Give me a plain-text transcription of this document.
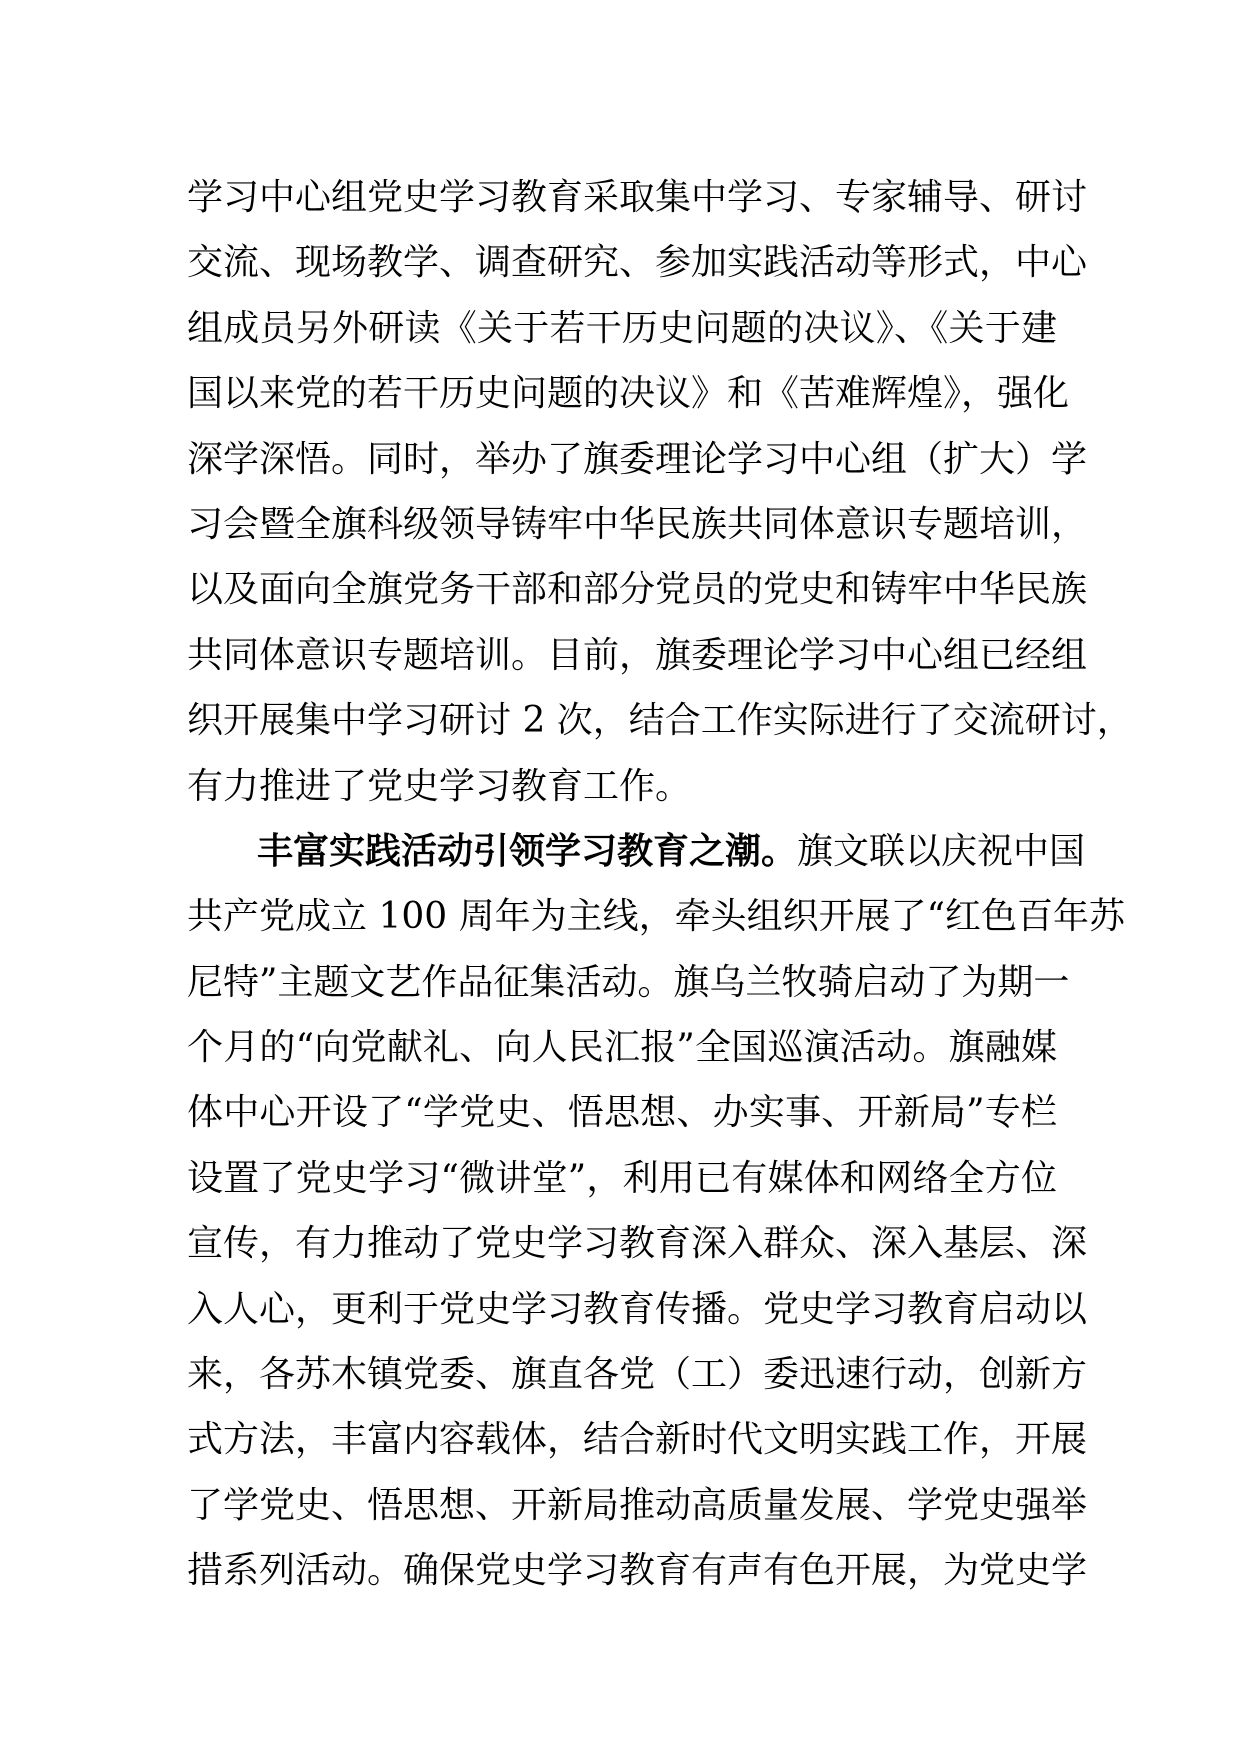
学习中心组党史学习教育采取集中学习、专家辅导、研讨
交流、现场教学、调查研究、参加实践活动等形式，中心
组成员另外研读《关于若干历史问题的决议》、《关于建
国以来党的若干历史问题的决议》和《苦难辉煌》，强化
深学深悟。同时，举办了旗委理论学习中心组（扩大）学
习会暨全旗科级领导铸牢中华民族共同体意识专题培训，
以及面向全旗党务干部和部分党员的党史和铸牢中华民族
共同体意识专题培训。目前，旗委理论学习中心组已经组
织开展集中学习研讨 2 次，结合工作实际进行了交流研讨，
有力推进了党史学习教育工作。
丰富实践活动引领学习教育之潮。旗文联以庆祝中国
共产党成立 100 周年为主线，牵头组织开展了“红色百年苏
尼特”主题文艺作品征集活动。旗乌兰牧骑启动了为期一
个月的“向党献礼、向人民汇报”全国巡演活动。旗融媒
体中心开设了“学党史、悟思想、办实事、开新局”专栏
设置了党史学习“微讲堂”，利用已有媒体和网络全方位
宣传，有力推动了党史学习教育深入群众、深入基层、深
入人心，更利于党史学习教育传播。党史学习教育启动以
来，各苏木镇党委、旗直各党（工）委迅速行动，创新方
式方法，丰富内容载体，结合新时代文明实践工作，开展
了学党史、悟思想、开新局推动高质量发展、学党史强举
措系列活动。确保党史学习教育有声有色开展，为党史学
